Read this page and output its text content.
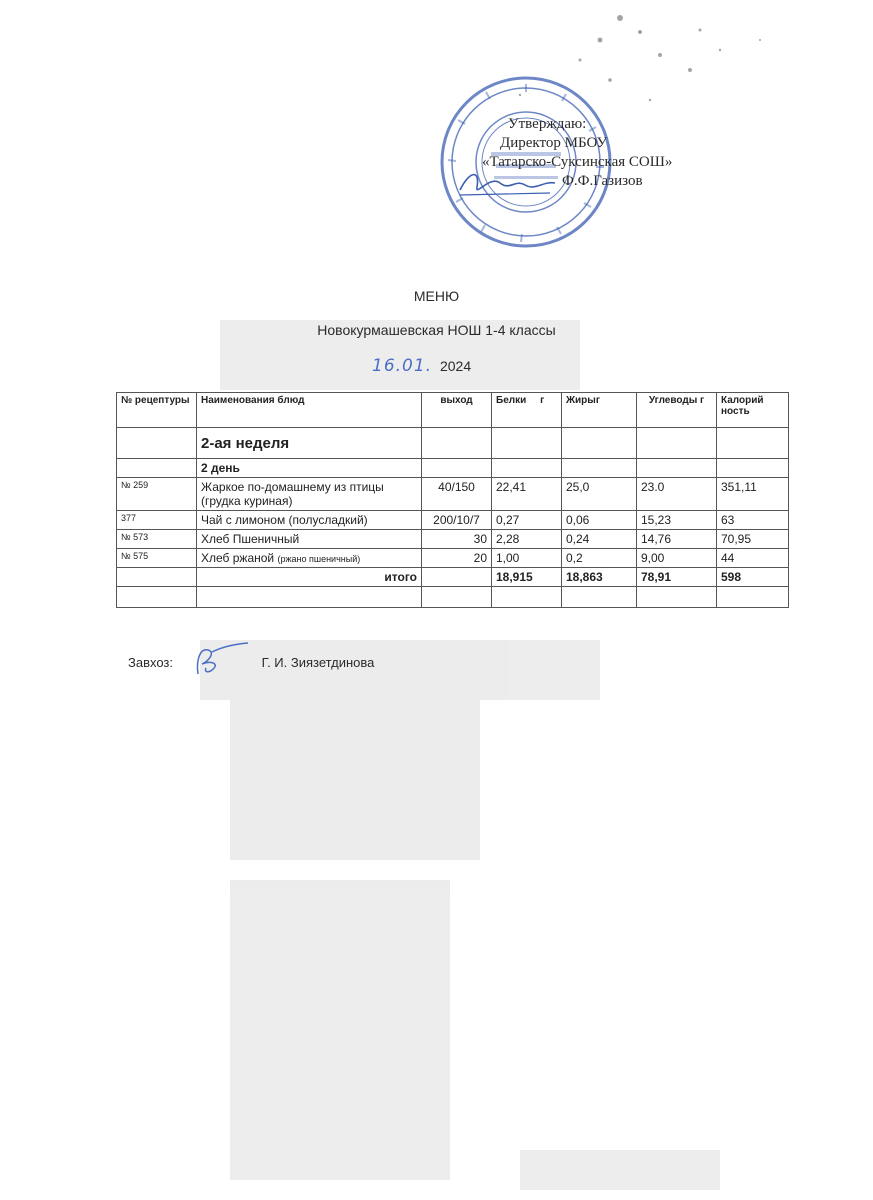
Утверждаю:
Директор МБОУ
«Татарско-Суксинская СОШ»
Ф.Ф.Газизов
МЕНЮ
Новокурмашевская НОШ 1-4 классы
16.01. 2024
№ рецептуры	Наименования блюд	выход	Белки     г	Жирыг	Углеводы г	Калорий ность
	2-ая неделя					
	2 день					
№ 259	Жаркое по-домашнему из птицы (грудка куриная)	40/150	22,41	25,0	23.0	351,11
377	Чай с лимоном (полусладкий)	200/10/7	0,27	0,06	15,23	63
№ 573	Хлеб Пшеничный	30	2,28	0,24	14,76	70,95
№ 575	Хлеб ржаной (ржано пшеничный)	20	1,00	0,2	9,00	44
	итого		18,915	18,863	78,91	598

Завхоз:	Г. И. Зиязетдинова
